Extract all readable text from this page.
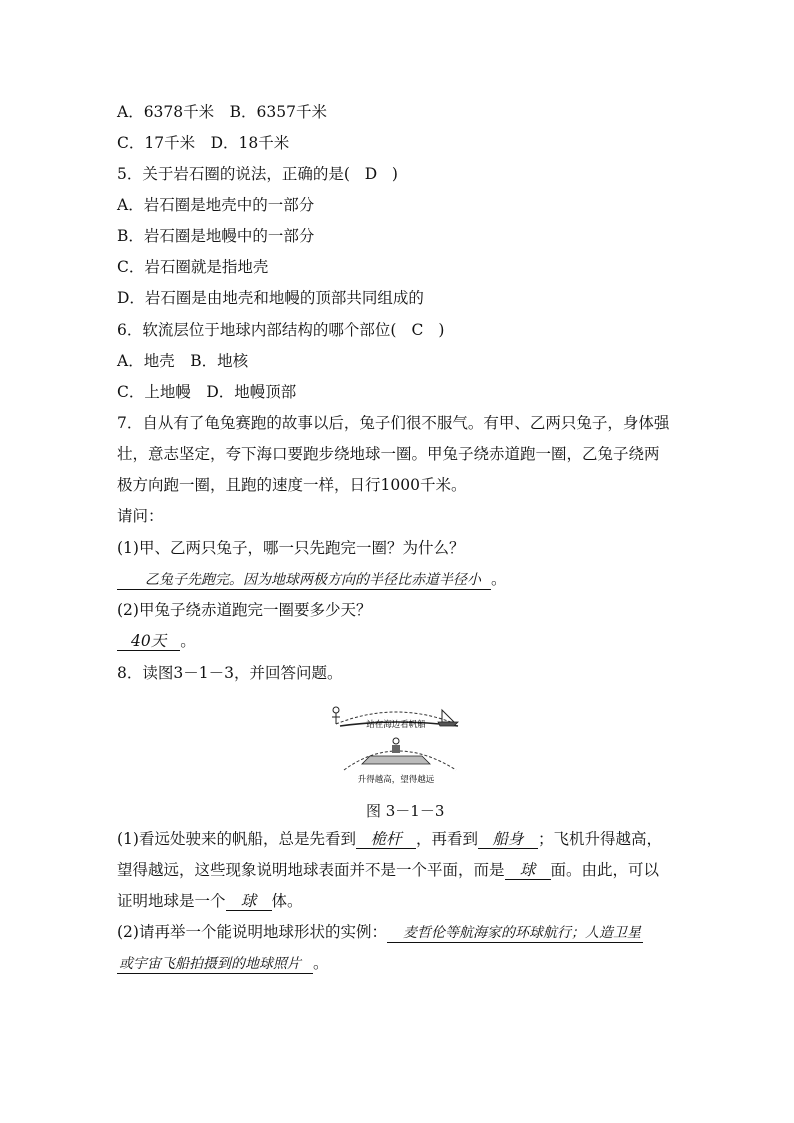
A．6378千米　B．6357千米
C．17千米　D．18千米
5．关于岩石圈的说法，正确的是( D )
A．岩石圈是地壳中的一部分
B．岩石圈是地幔中的一部分
C．岩石圈就是指地壳
D．岩石圈是由地壳和地幔的顶部共同组成的
6．软流层位于地球内部结构的哪个部位( C )
A．地壳　B．地核
C．上地幔　D．地幔顶部
7．自从有了龟兔赛跑的故事以后，兔子们很不服气。有甲、乙两只兔子，身体强
壮，意志坚定，夸下海口要跑步绕地球一圈。甲兔子绕赤道跑一圈，乙兔子绕两
极方向跑一圈，且跑的速度一样，日行1000千米。
请问：
(1)甲、乙两只兔子，哪一只先跑完一圈？为什么？
乙兔子先跑完。因为地球两极方向的半径比赤道半径小 。
(2)甲兔子绕赤道跑完一圈要多少天？
40天 。
8．读图3－1－3，并回答问题。
站在海边看帆船
升得越高，望得越远
图 3－1－3
(1)看远处驶来的帆船，总是先看到 桅杆 ，再看到 船身 ；飞机升得越高，
望得越远，这些现象说明地球表面并不是一个平面，而是 球 面。由此，可以
证明地球是一个 球 体。
(2)请再举一个能说明地球形状的实例： 麦哲伦等航海家的环球航行；人造卫星
或宇宙飞船拍摄到的地球照片 。
